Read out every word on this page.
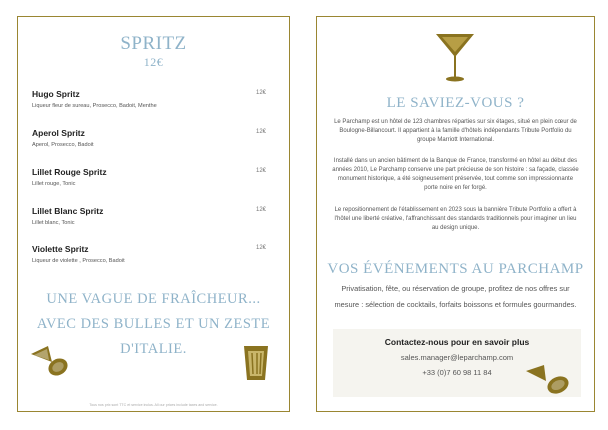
SPRITZ
12€
Hugo Spritz
Liqueur fleur de sureau, Prosecco, Badoit, Menthe
12€
Aperol Spritz
Aperol, Prosecco, Badoit
12€
Lillet Rouge Spritz
Lillet rouge, Tonic
12€
Lillet Blanc Spritz
Lillet blanc, Tonic
12€
Violette Spritz
Liqueur de violette , Prosecco, Badoit
12€
UNE VAGUE DE FRAÎCHEUR... AVEC DES BULLES ET UN ZESTE D'ITALIE.
Tous nos prix sont TTC et service inclus. All our prices include taxes and service.
LE SAVIEZ-VOUS ?
Le Parchamp est un hôtel de 123 chambres réparties sur six étages, situé en plein cœur de Boulogne-Billancourt. Il appartient à la famille d'hôtels indépendants Tribute Portfolio du groupe Marriott International.
Installé dans un ancien bâtiment de la Banque de France, transformé en hôtel au début des années 2010, Le Parchamp conserve une part précieuse de son histoire : sa façade, classée monument historique, a été soigneusement préservée, tout comme son impressionnante porte noire en fer forgé.
Le repositionnement de l'établissement en 2023 sous la bannière Tribute Portfolio a offert à l'hôtel une liberté créative, l'affranchissant des standards traditionnels pour imaginer un lieu au design unique.
VOS ÉVÉNEMENTS AU PARCHAMP
Privatisation, fête, ou réservation de groupe, profitez de nos offres sur mesure : sélection de cocktails, forfaits boissons et formules gourmandes.
Contactez-nous pour en savoir plus
sales.manager@leparchamp.com
+33 (0)7 60 98 11 84
